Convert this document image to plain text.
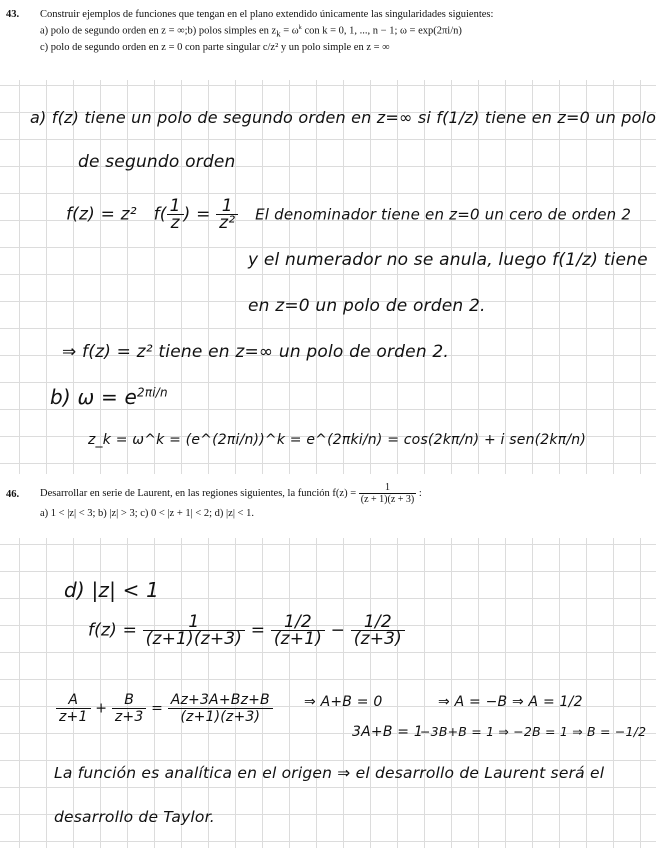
43. Construir ejemplos de funciones que tengan en el plano extendido únicamente las singularidades siguientes:
a) polo de segundo orden en z = ∞;b) polos simples en $z_k = \omega^k$ con k = 0, 1, ..., n − 1; ω = exp(2πi/n)
c) polo de segundo orden en z = 0 con parte singular c/z² y un polo simple en z = ∞
a) f(z) tiene un polo de segundo orden en z=∞ si f(1/z) tiene en z=0 un polo
de segundo orden
f(z) = z² $f( \frac{1}{z}$ ) = $\frac{1}{\text{z²}}$ El denominador tiene en z=0 un cero de orden 2
y el numerador no se anula, luego f(1/z) tiene
en z=0 un polo de orden 2.
⇒ f(z) = z² tiene en z=∞ un polo de orden 2.
b) $\omega = e^{2\pi i/n}$
z_k = ω^k = (e^(2πi/n))^k = e^(2πki/n) = cos(2kπ/n) + i sen(2kπ/n)
46. Desarrollar en serie de Laurent, en las regiones siguientes, la función $f(z) = \frac{1}{(z + 1)(z + 3)}$ :
a) 1 < |z| < 3; b) |z| > 3; c) 0 < |z + 1| < 2; d) |z| < 1.
d) |z| < 1
$f(z) = \frac{1}{(z+1)(z+3)} = \frac{1/2}{(z+1)} - \frac{1/2}{(z+3)}$
$\frac{A}{z+1} + \frac{B}{z+3} = \frac{Az+3A+Bz+B}{(z+1)(z+3)}$ ⇒ A+B = 0
3A+B = 1
⇒ A = −B ⇒ A = 1/2
−3B+B = 1 ⇒ −2B = 1 ⇒ B = −1/2
La función es analítica en el origen ⇒ el desarrollo de Laurent será el
desarrollo de Taylor.
